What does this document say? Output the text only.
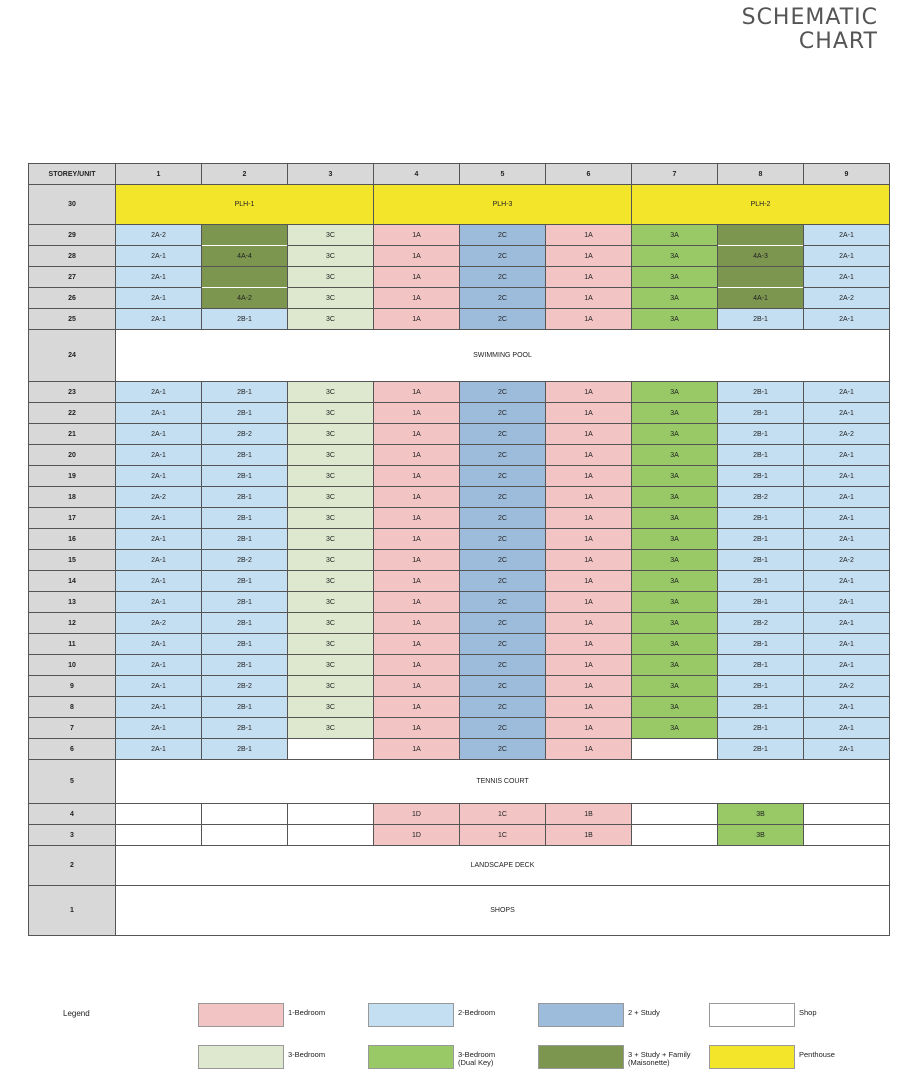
SCHEMATIC
CHART
STOREY/UNIT	1	2	3	4	5	6	7	8	9
30	PLH-1			PLH-3			PLH-2		
29	2A-2		3C	1A	2C	1A	3A		2A-1
28	2A-1	4A-4	3C	1A	2C	1A	3A	4A-3	2A-1
27	2A-1		3C	1A	2C	1A	3A		2A-1
26	2A-1	4A-2	3C	1A	2C	1A	3A	4A-1	2A-2
25	2A-1	2B-1	3C	1A	2C	1A	3A	2B-1	2A-1
24	SWIMMING POOL								
23	2A-1	2B-1	3C	1A	2C	1A	3A	2B-1	2A-1
22	2A-1	2B-1	3C	1A	2C	1A	3A	2B-1	2A-1
21	2A-1	2B-2	3C	1A	2C	1A	3A	2B-1	2A-2
20	2A-1	2B-1	3C	1A	2C	1A	3A	2B-1	2A-1
19	2A-1	2B-1	3C	1A	2C	1A	3A	2B-1	2A-1
18	2A-2	2B-1	3C	1A	2C	1A	3A	2B-2	2A-1
17	2A-1	2B-1	3C	1A	2C	1A	3A	2B-1	2A-1
16	2A-1	2B-1	3C	1A	2C	1A	3A	2B-1	2A-1
15	2A-1	2B-2	3C	1A	2C	1A	3A	2B-1	2A-2
14	2A-1	2B-1	3C	1A	2C	1A	3A	2B-1	2A-1
13	2A-1	2B-1	3C	1A	2C	1A	3A	2B-1	2A-1
12	2A-2	2B-1	3C	1A	2C	1A	3A	2B-2	2A-1
11	2A-1	2B-1	3C	1A	2C	1A	3A	2B-1	2A-1
10	2A-1	2B-1	3C	1A	2C	1A	3A	2B-1	2A-1
9	2A-1	2B-2	3C	1A	2C	1A	3A	2B-1	2A-2
8	2A-1	2B-1	3C	1A	2C	1A	3A	2B-1	2A-1
7	2A-1	2B-1	3C	1A	2C	1A	3A	2B-1	2A-1
6	2A-1	2B-1		1A	2C	1A		2B-1	2A-1
5	TENNIS COURT								
4				1D	1C	1B		3B	
3				1D	1C	1B		3B	
2	LANDSCAPE DECK								
1	SHOPS								
Legend	1-Bedroom	2-Bedroom	2 + Study	Shop
3-Bedroom	3-Bedroom
(Dual Key)
3 + Study + Family
(Maisonette)
Penthouse
